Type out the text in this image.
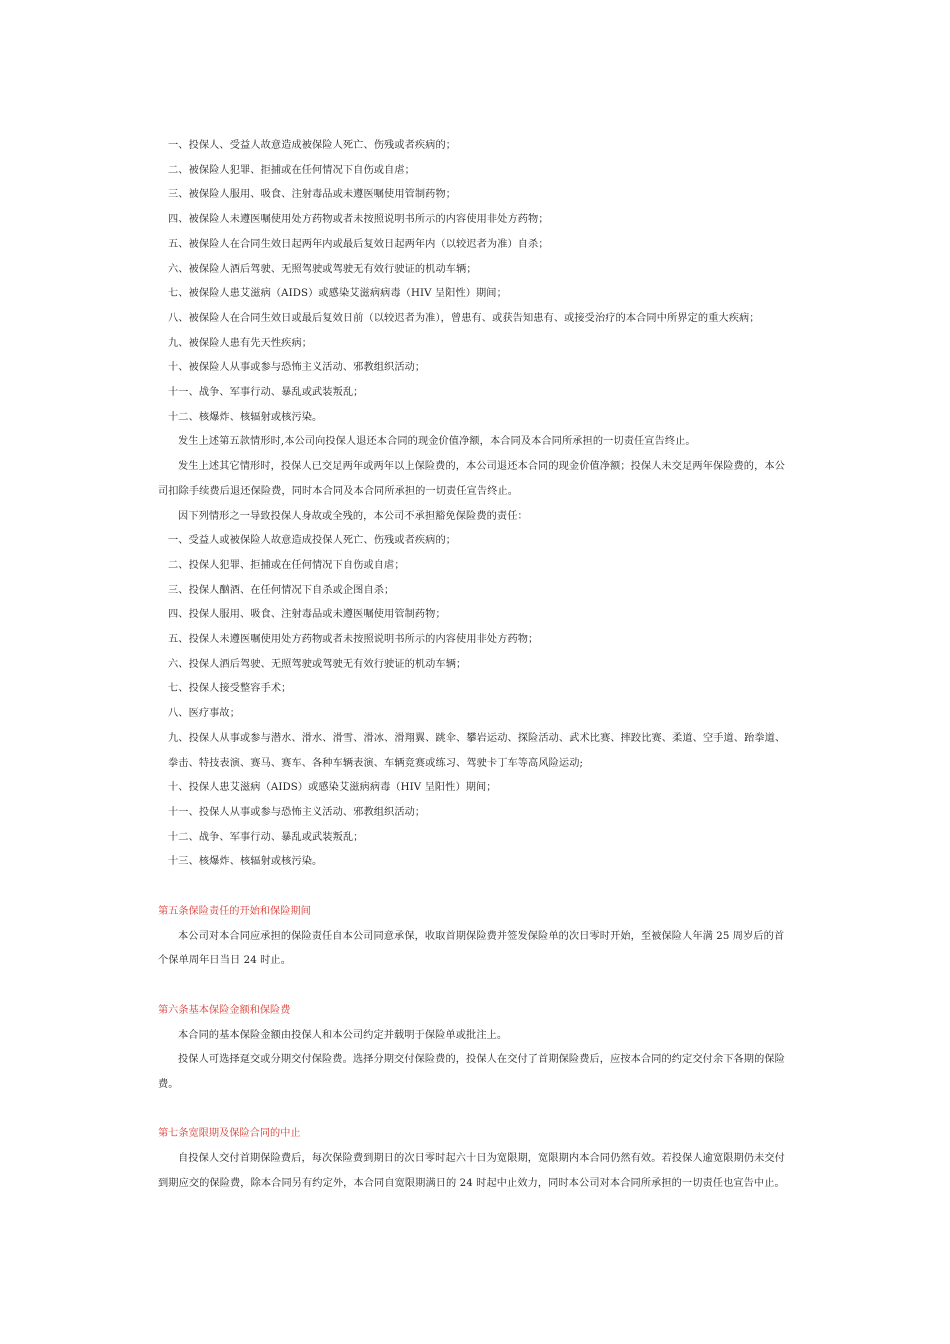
一、投保人、受益人故意造成被保险人死亡、伤残或者疾病的；

二、被保险人犯罪、拒捕或在任何情况下自伤或自虐；

三、被保险人服用、吸食、注射毒品或未遵医嘱使用管制药物；

四、被保险人未遵医嘱使用处方药物或者未按照说明书所示的内容使用非处方药物；

五、被保险人在合同生效日起两年内或最后复效日起两年内（以较迟者为准）自杀；

六、被保险人酒后驾驶、无照驾驶或驾驶无有效行驶证的机动车辆；

七、被保险人患艾滋病（AIDS）或感染艾滋病病毒（HIV 呈阳性）期间；

八、被保险人在合同生效日或最后复效日前（以较迟者为准），曾患有、或获告知患有、或接受治疗的本合同中所界定的重大疾病；

九、被保险人患有先天性疾病；

十、被保险人从事或参与恐怖主义活动、邪教组织活动；

十一、战争、军事行动、暴乱或武装叛乱；

十二、核爆炸、核辐射或核污染。

发生上述第五款情形时,本公司向投保人退还本合同的现金价值净额，本合同及本合同所承担的一切责任宣告终止。

发生上述其它情形时，投保人已交足两年或两年以上保险费的，本公司退还本合同的现金价值净额；投保人未交足两年保险费的，本公司扣除手续费后退还保险费，同时本合同及本合同所承担的一切责任宣告终止。

因下列情形之一导致投保人身故或全残的，本公司不承担豁免保险费的责任：

一、受益人或被保险人故意造成投保人死亡、伤残或者疾病的；

二、投保人犯罪、拒捕或在任何情况下自伤或自虐；

三、投保人酗酒、在任何情况下自杀或企图自杀；

四、投保人服用、吸食、注射毒品或未遵医嘱使用管制药物；

五、投保人未遵医嘱使用处方药物或者未按照说明书所示的内容使用非处方药物；

六、投保人酒后驾驶、无照驾驶或驾驶无有效行驶证的机动车辆；

七、投保人接受整容手术；

八、医疗事故；

九、投保人从事或参与潜水、滑水、滑雪、滑冰、滑翔翼、跳伞、攀岩运动、探险活动、武术比赛、摔跤比赛、柔道、空手道、跆拳道、拳击、特技表演、赛马、赛车、各种车辆表演、车辆竞赛或练习、驾驶卡丁车等高风险运动;

十、投保人患艾滋病（AIDS）或感染艾滋病病毒（HIV 呈阳性）期间；

十一、投保人从事或参与恐怖主义活动、邪教组织活动；

十二、战争、军事行动、暴乱或武装叛乱；

十三、核爆炸、核辐射或核污染。

第五条保险责任的开始和保险期间

本公司对本合同应承担的保险责任自本公司同意承保，收取首期保险费并签发保险单的次日零时开始，至被保险人年满 25 周岁后的首个保单周年日当日 24 时止。

第六条基本保险金额和保险费

本合同的基本保险金额由投保人和本公司约定并载明于保险单或批注上。

投保人可选择趸交或分期交付保险费。选择分期交付保险费的，投保人在交付了首期保险费后，应按本合同的约定交付余下各期的保险费。

第七条宽限期及保险合同的中止

自投保人交付首期保险费后，每次保险费到期日的次日零时起六十日为宽限期，宽限期内本合同仍然有效。若投保人逾宽限期仍未交付到期应交的保险费，除本合同另有约定外，本合同自宽限期满日的 24 时起中止效力，同时本公司对本合同所承担的一切责任也宣告中止。
